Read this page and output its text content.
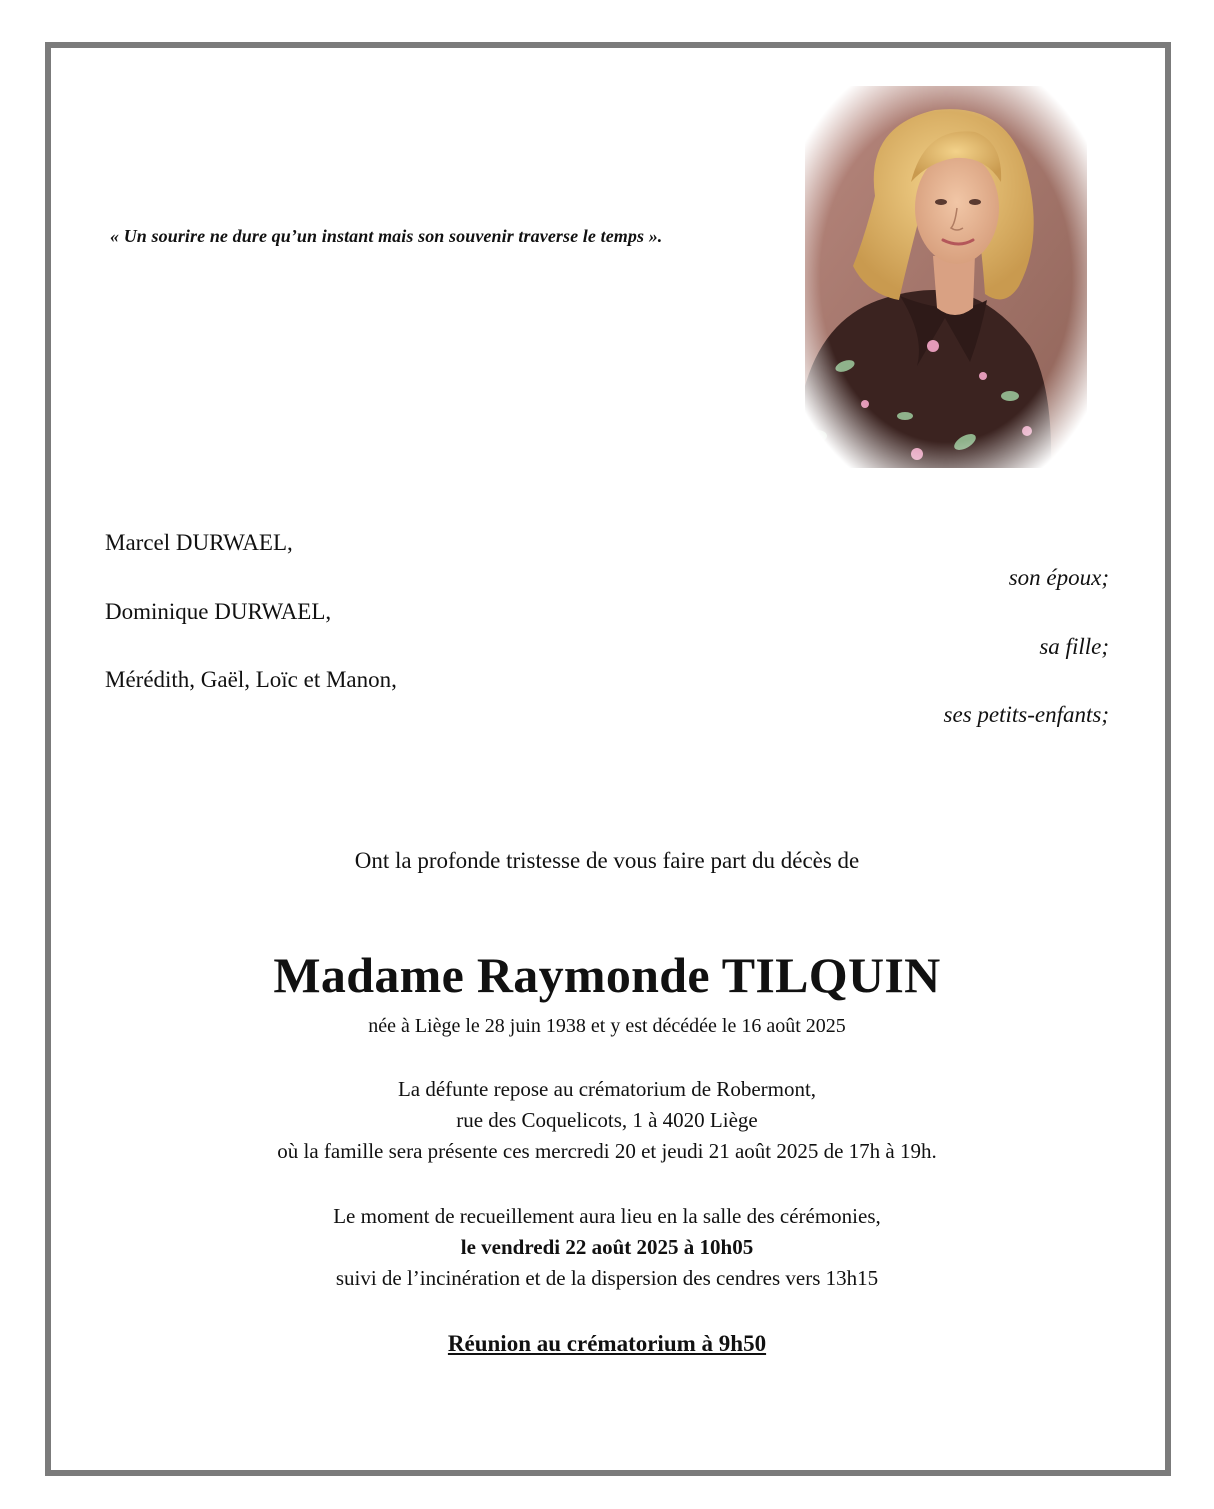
« Un sourire ne dure qu’un instant mais son souvenir traverse le temps ».
Marcel DURWAEL,
son époux;
Dominique DURWAEL,
sa fille;
Mérédith, Gaël, Loïc et Manon,
ses petits-enfants;
Ont la profonde tristesse de vous faire part du décès de
Madame Raymonde TILQUIN
née à Liège le 28 juin 1938 et y est décédée le 16 août 2025
La défunte repose au crématorium de Robermont,
rue des Coquelicots, 1 à 4020 Liège
où la famille sera présente ces mercredi 20 et jeudi 21 août 2025 de 17h à 19h.
Le moment de recueillement aura lieu en la salle des cérémonies,
le vendredi 22 août 2025 à 10h05
suivi de l’incinération et de la dispersion des cendres vers 13h15
Réunion au crématorium à 9h50
